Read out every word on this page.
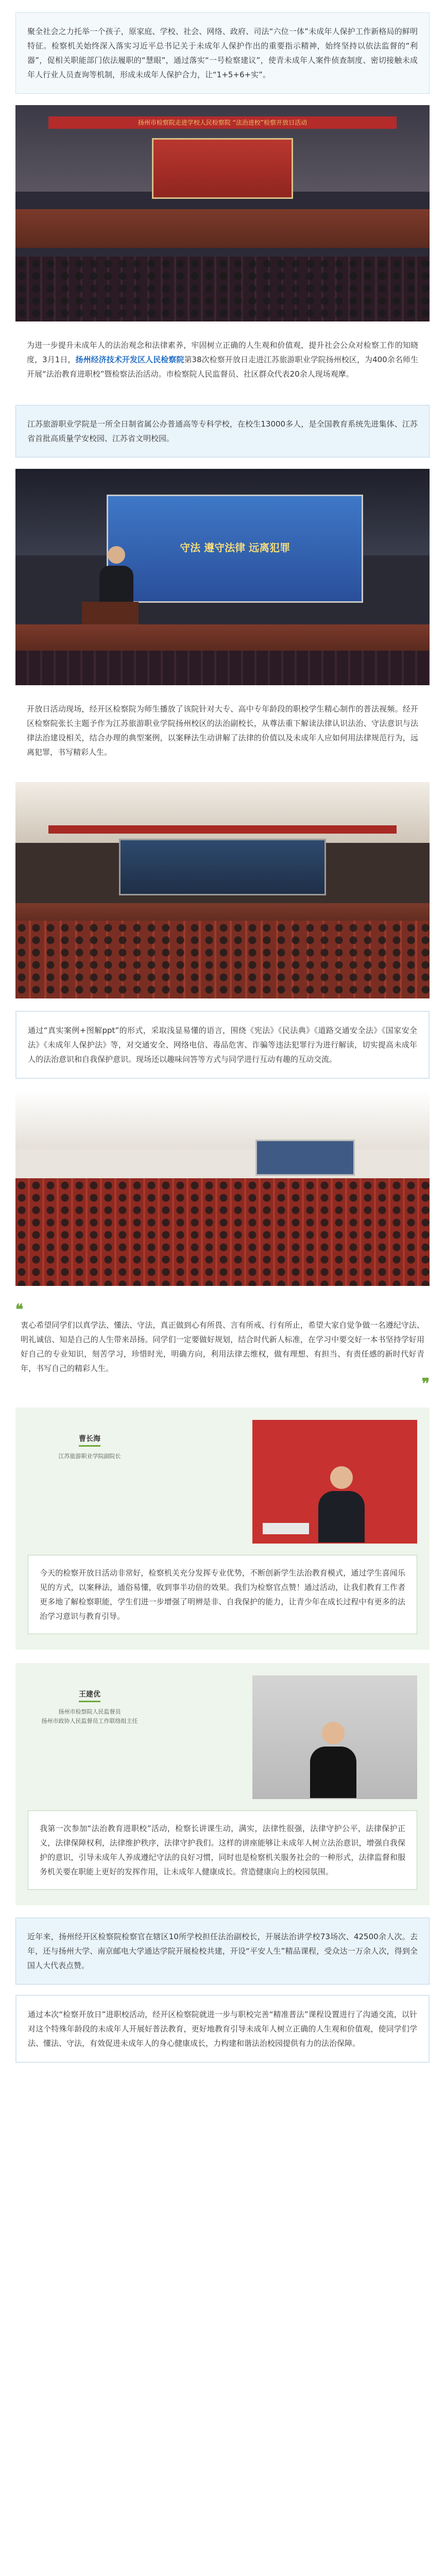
聚全社会之力托举一个孩子，原家庭、学校、社会、网络、政府、司法“六位一体”未成年人保护工作新格局的鲜明特征。检察机关始终深入落实习近平总书记关于未成年人保护作出的重要指示精神，始终坚持以依法监督的“利器”，促相关职能部门依法履职的“慧眼”，通过落实“一号检察建议”，使青未成年人案件侦查制度、密切接触未成年人行业人员查询等机制，形成未成年人保护合力，让“1+5+6+实”。

扬州市检察院走进学校人民检察院 “法治进校”检察开放日活动

为进一步提升未成年人的法治观念和法律素养，牢固树立正确的人生观和价值观，提升社会公众对检察工作的知晓度，3月1日，扬州经济技术开发区人民检察院第38次检察开放日走进江苏旅游职业学院扬州校区，为400余名师生开展“法治教育进职校”暨检察法治活动。市检察院人民监督员、社区群众代表20余人现场观摩。

江苏旅游职业学院是一所全日制省属公办普通高等专科学校，在校生13000多人，是全国教育系统先进集体、江苏省首批高质量学安校园、江苏省文明校园。

守法 遵守法律 远离犯罪

开放日活动现场，经开区检察院为师生播放了该院针对大专、高中专年龄段的职校学生精心制作的普法视频。经开区检察院张长主题予作为江苏旅游职业学院扬州校区的法治副校长，从尊法重下解读法律认识法治、守法意识与法律法治建设相关，结合办理的典型案例，以案释法生动讲解了法律的价值以及未成年人应如何用法律规范行为，远离犯罪，书写精彩人生。

通过“真实案例+图解ppt”的形式，采取浅显易懂的语言，围绕《宪法》《民法典》《道路交通安全法》《国家安全法》《未成年人保护法》等，对交通安全、网络电信、毒品危害、诈骗等违法犯罪行为进行解读，切实提高未成年人的法治意识和自我保护意识。现场还以趣味问答等方式与同学进行互动有趣的互动交流。

❝

衷心希望同学们以真学法、懂法、守法，真正做到心有所畏、言有所戒、行有所止，希望大家自觉争做一名遵纪守法、明礼诚信、知是自己的人生带来昂扬。同学们一定要做好规划，结合时代新人标准，在学习中要交好一本书坚持学好用好自己的专业知识，刻苦学习，珍惜时光，明确方向，利用法律去维权，做有理想、有担当、有责任感的新时代好青年，书写自己的精彩人生。

❞
曹长海
江苏旅游职业学院副院长
今天的检察开放日活动非常好，检察机关充分发挥专业优势，不断创新学生法治教育模式，通过学生喜闻乐见的方式，以案释法，通俗易懂，收到事半功倍的效果。我们为检察官点赞！通过活动，让我们教育工作者更多地了解检察职能，学生们进一步增强了明辨是非、自我保护的能力，让青少年在成长过程中有更多的法治学习意识与教育引导。
王建优
扬州市检察院人民监督员
扬州市政协人民监督员工作联络组主任
我第一次参加“法治教育进职校”活动，检察长讲课生动，满实，法律性很强，法律守护公平，法律保护正义，法律保障权利，法律维护秩序，法律守护我们。这样的讲座能够让未成年人树立法治意识，增强自我保护的意识，引导未成年人养成遵纪守法的良好习惯，同时也是检察机关服务社会的一种形式，法律监督和服务机关要在职能上更好的发挥作用，让未成年人健康成长。营造健康向上的校园氛围。

近年来，扬州经开区检察院检察官在辖区10所学校担任法治副校长，开展法治讲学校73场次、42500余人次。去年，还与扬州大学、南京邮电大学通达学院开展检校共建，开设“平安人生”精品课程，受众达一万余人次，得到全国人大代表点赞。

通过本次“检察开放日”进职校活动，经开区检察院就进一步与职校完善“精准普法”课程设置进行了沟通交流，以针对这个特殊年龄段的未成年人开展好普法教育，更好地教育引导未成年人树立正确的人生观和价值观，使同学们学法、懂法、守法，有效促进未成年人的身心健康成长，力构建和谐法治校园提供有力的法治保障。
